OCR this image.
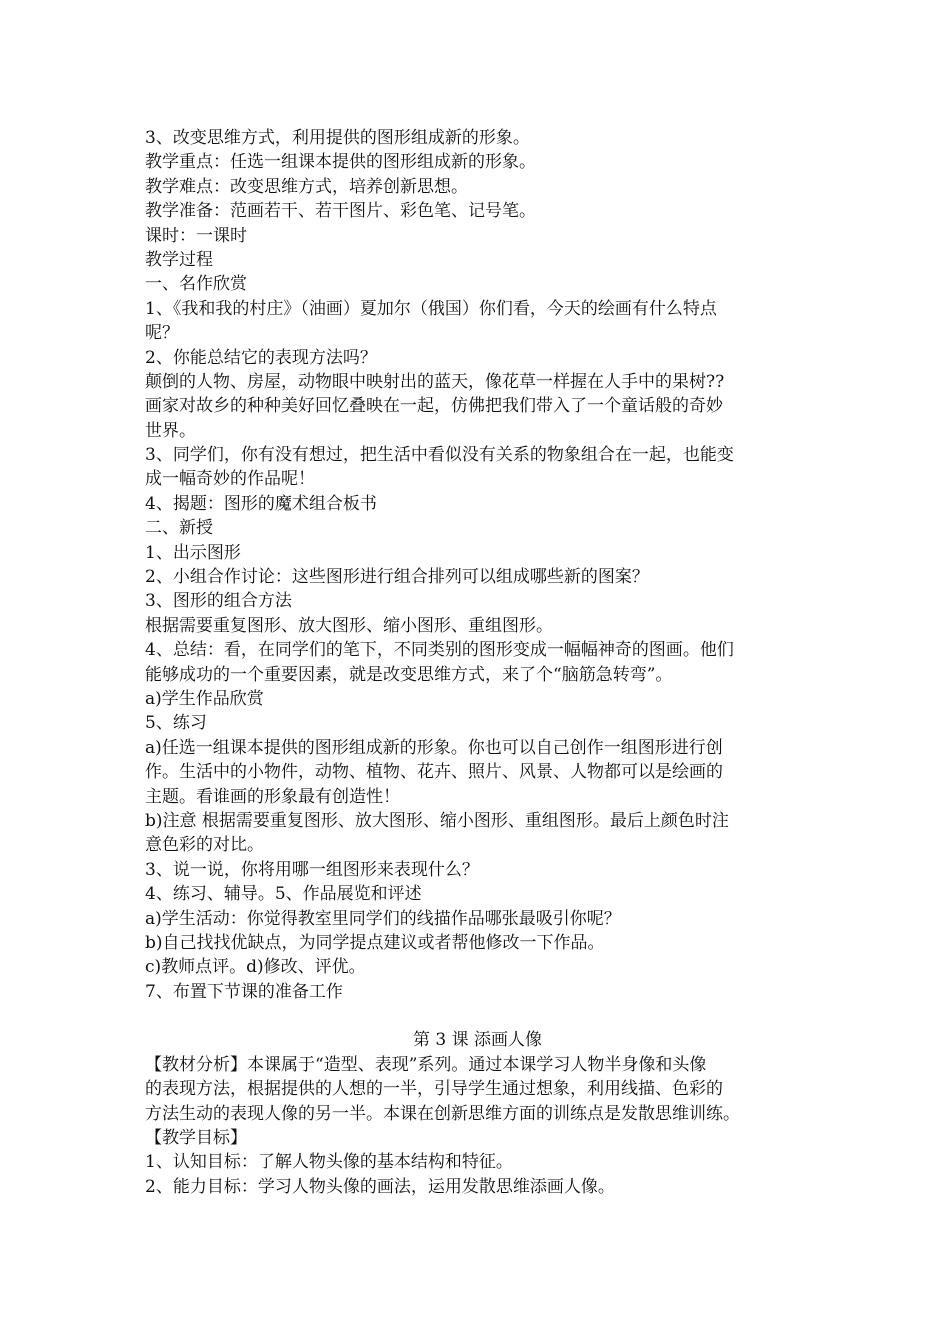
3、改变思维方式，利用提供的图形组成新的形象。
教学重点：任选一组课本提供的图形组成新的形象。
教学难点：改变思维方式，培养创新思想。
教学准备：范画若干、若干图片、彩色笔、记号笔。
课时：一课时
教学过程
一、名作欣赏
1、《我和我的村庄》（油画）夏加尔（俄国）你们看，今天的绘画有什么特点
呢？
2、你能总结它的表现方法吗？
颠倒的人物、房屋，动物眼中映射出的蓝天，像花草一样握在人手中的果树??
画家对故乡的种种美好回忆叠映在一起，仿佛把我们带入了一个童话般的奇妙
世界。
3、同学们，你有没有想过，把生活中看似没有关系的物象组合在一起，也能变
成一幅奇妙的作品呢！
4、揭题：图形的魔术组合板书
二、新授
1、出示图形
2、小组合作讨论：这些图形进行组合排列可以组成哪些新的图案？
3、图形的组合方法
根据需要重复图形、放大图形、缩小图形、重组图形。
4、总结：看，在同学们的笔下，不同类别的图形变成一幅幅神奇的图画。他们
能够成功的一个重要因素，就是改变思维方式，来了个“脑筋急转弯”。
a)学生作品欣赏
5、练习
a)任选一组课本提供的图形组成新的形象。你也可以自己创作一组图形进行创
作。生活中的小物件，动物、植物、花卉、照片、风景、人物都可以是绘画的
主题。看谁画的形象最有创造性！
b)注意 根据需要重复图形、放大图形、缩小图形、重组图形。最后上颜色时注
意色彩的对比。
3、说一说，你将用哪一组图形来表现什么？
4、练习、辅导。5、作品展览和评述
a)学生活动：你觉得教室里同学们的线描作品哪张最吸引你呢？
b)自己找找优缺点，为同学提点建议或者帮他修改一下作品。
c)教师点评。d)修改、评优。
7、布置下节课的准备工作
第 3 课 添画人像
【教材分析】本课属于“造型、表现”系列。通过本课学习人物半身像和头像
的表现方法，根据提供的人想的一半，引导学生通过想象，利用线描、色彩的
方法生动的表现人像的另一半。本课在创新思维方面的训练点是发散思维训练。
【教学目标】
1、认知目标：了解人物头像的基本结构和特征。
2、能力目标：学习人物头像的画法，运用发散思维添画人像。
